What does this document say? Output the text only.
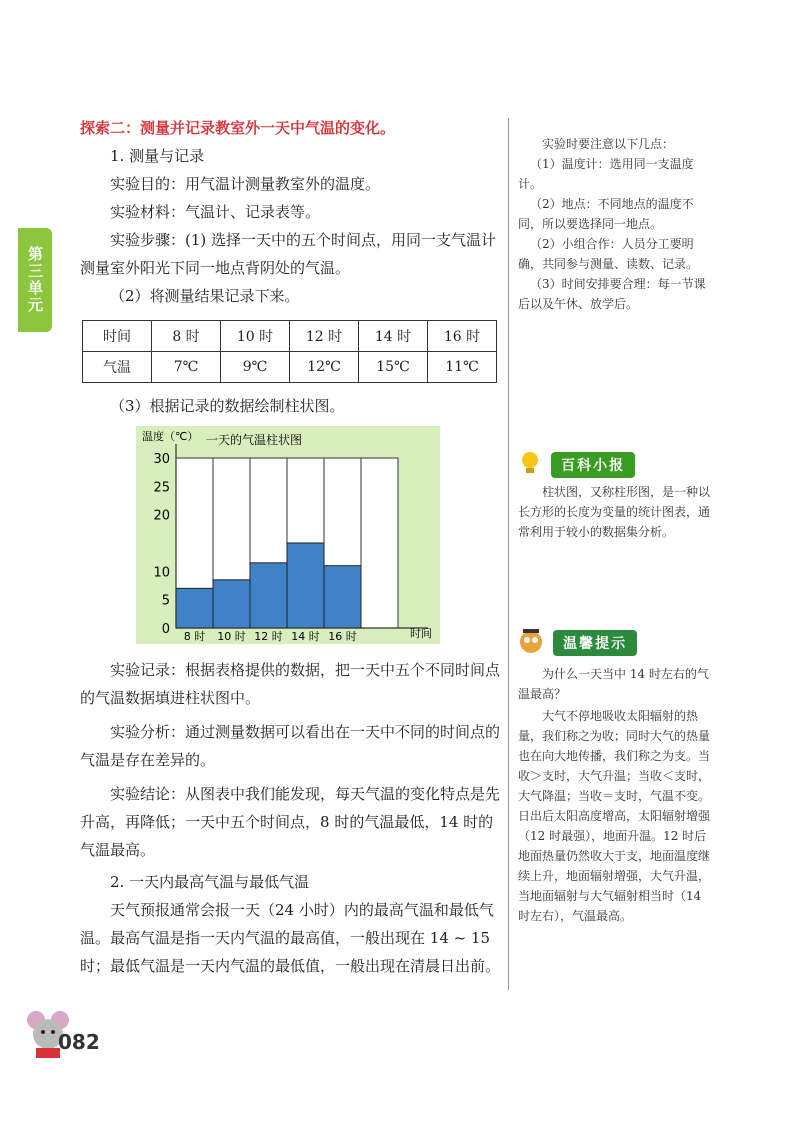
第三单元

探索二：测量并记录教室外一天中气温的变化。

1. 测量与记录

实验目的：用气温计测量教室外的温度。

实验材料：气温计、记录表等。

实验步骤：(1) 选择一天中的五个时间点，用同一支气温计测量室外阳光下同一地点背阴处的气温。

（2）将测量结果记录下来。

时间	8 时	10 时	12 时	14 时	16 时
气温	7℃	9℃	12℃	15℃	11℃

（3）根据记录的数据绘制柱状图。

温度（℃） 一天的气温柱状图
时间
0
5
10
20
25
30
8 时 10 时 12 时 14 时 16 时

实验记录：根据表格提供的数据，把一天中五个不同时间点的气温数据填进柱状图中。

实验分析：通过测量数据可以看出在一天中不同的时间点的气温是存在差异的。

实验结论：从图表中我们能发现，每天气温的变化特点是先升高，再降低；一天中五个时间点，8 时的气温最低，14 时的气温最高。

2. 一天内最高气温与最低气温

天气预报通常会报一天（24 小时）内的最高气温和最低气温。最高气温是指一天内气温的最高值，一般出现在 14 ~ 15 时；最低气温是一天内气温的最低值，一般出现在清晨日出前。

实验时要注意以下几点：

（1）温度计：选用同一支温度计。

（2）地点：不同地点的温度不同，所以要选择同一地点。

（2）小组合作：人员分工要明确，共同参与测量、读数、记录。

（3）时间安排要合理：每一节课后以及午休、放学后。

百科小报
柱状图，又称柱形图，是一种以长方形的长度为变量的统计图表，通常利用于较小的数据集分析。
温馨提示

为什么一天当中 14 时左右的气温最高？

大气不停地吸收太阳辐射的热量，我们称之为收；同时大气的热量也在向大地传播，我们称之为支。当收＞支时，大气升温；当收＜支时，大气降温；当收＝支时，气温不变。日出后太阳高度增高，太阳辐射增强（12 时最强），地面升温。12 时后地面热量仍然收大于支，地面温度继续上升，地面辐射增强，大气升温，当地面辐射与大气辐射相当时（14 时左右），气温最高。

082
